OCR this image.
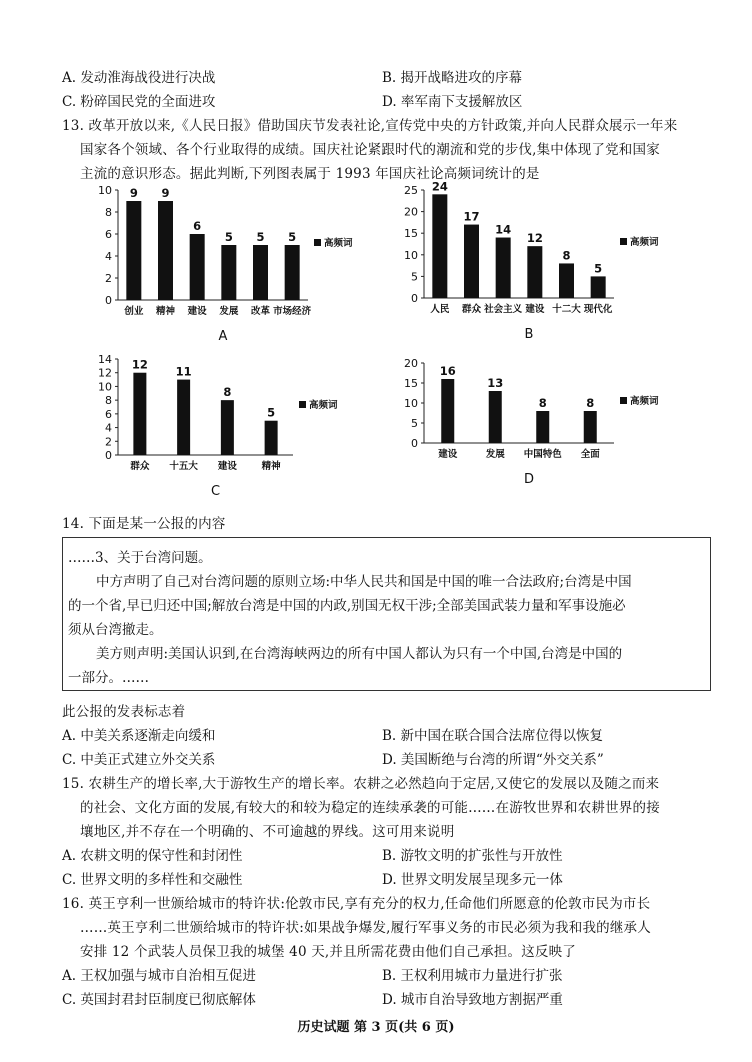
A. 发动淮海战役进行决战	B. 揭开战略进攻的序幕
C. 粉碎国民党的全面进攻	D. 率军南下支援解放区
13. 改革开放以来,《人民日报》借助国庆节发表社论,宣传党中央的方针政策,并向人民群众展示一年来
国家各个领域、各个行业取得的成绩。国庆社论紧跟时代的潮流和党的步伐,集中体现了党和国家
主流的意识形态。据此判断,下列图表属于 1993 年国庆社论高频词统计的是
0
2
4
6
8
10 9
创业
9
精神
6
建设
5
发展
5
改革
5
市场经济
高频词
A
0
5
10
15
20
25 24
人民
17
群众
14
社会主义
12
建设
8
十二大
5
现代化
高频词
B
0
2
4
6
8
10
12
14 12
群众
11
十五大
8
建设
5
精神
高频词
C
0
5
10
15
20
16
建设
13
发展
8
中国特色
8
全面
高频词
D
14. 下面是某一公报的内容
……3、关于台湾问题。
中方声明了自己对台湾问题的原则立场:中华人民共和国是中国的唯一合法政府;台湾是中国
的一个省,早已归还中国;解放台湾是中国的内政,别国无权干涉;全部美国武装力量和军事设施必
须从台湾撤走。
美方则声明:美国认识到,在台湾海峡两边的所有中国人都认为只有一个中国,台湾是中国的
一部分。……
此公报的发表标志着
A. 中美关系逐渐走向缓和	B. 新中国在联合国合法席位得以恢复
C. 中美正式建立外交关系	D. 美国断绝与台湾的所谓“外交关系”
15. 农耕生产的增长率,大于游牧生产的增长率。农耕之必然趋向于定居,又使它的发展以及随之而来
的社会、文化方面的发展,有较大的和较为稳定的连续承袭的可能……在游牧世界和农耕世界的接
壤地区,并不存在一个明确的、不可逾越的界线。这可用来说明
A. 农耕文明的保守性和封闭性	B. 游牧文明的扩张性与开放性
C. 世界文明的多样性和交融性	D. 世界文明发展呈现多元一体
16. 英王亨利一世颁给城市的特许状:伦敦市民,享有充分的权力,任命他们所愿意的伦敦市民为市长
……英王亨利二世颁给城市的特许状:如果战争爆发,履行军事义务的市民必须为我和我的继承人
安排 12 个武装人员保卫我的城堡 40 天,并且所需花费由他们自己承担。这反映了
A. 王权加强与城市自治相互促进	B. 王权利用城市力量进行扩张
C. 英国封君封臣制度已彻底解体	D. 城市自治导致地方割据严重
历史试题 第 3 页(共 6 页)
